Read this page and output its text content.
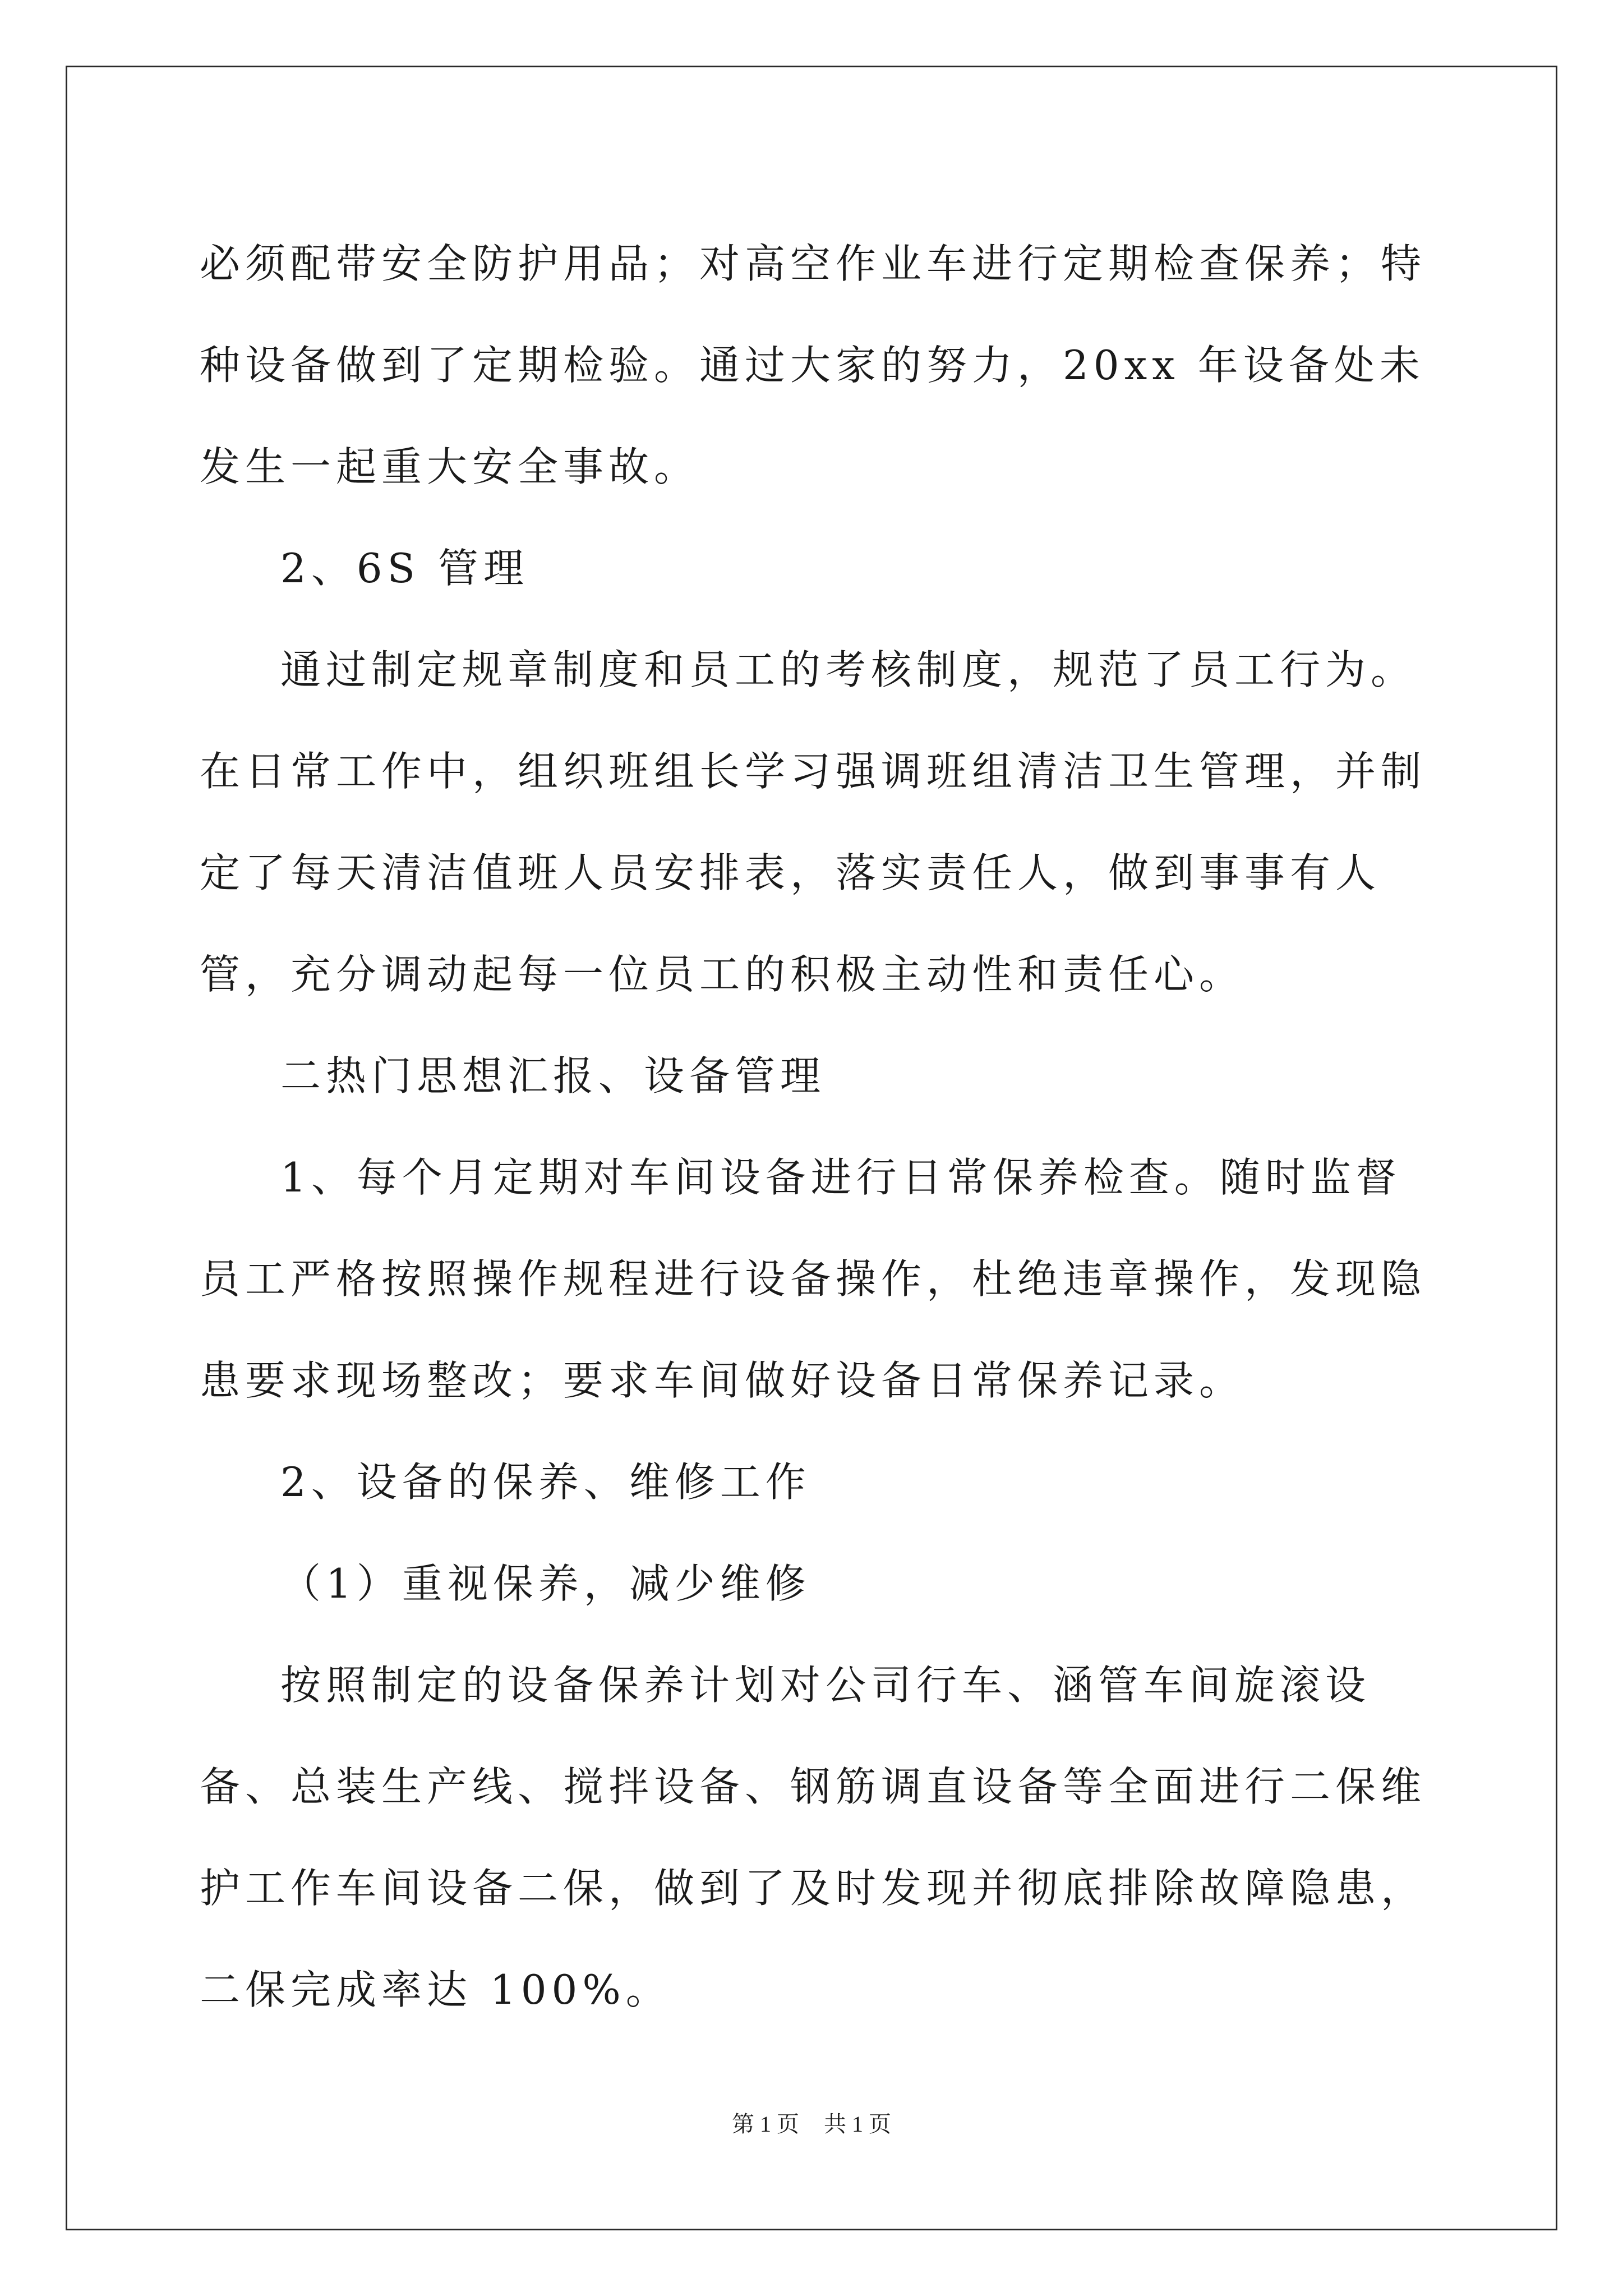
必须配带安全防护用品；对高空作业车进行定期检查保养；特种设备做到了定期检验。通过大家的努力，20xx 年设备处未发生一起重大安全事故。

2、6S 管理

通过制定规章制度和员工的考核制度，规范了员工行为。在日常工作中，组织班组长学习强调班组清洁卫生管理，并制定了每天清洁值班人员安排表，落实责任人，做到事事有人管，充分调动起每一位员工的积极主动性和责任心。

二热门思想汇报、设备管理

1、每个月定期对车间设备进行日常保养检查。随时监督员工严格按照操作规程进行设备操作，杜绝违章操作，发现隐患要求现场整改；要求车间做好设备日常保养记录。

2、设备的保养、维修工作

（1）重视保养，减少维修

按照制定的设备保养计划对公司行车、涵管车间旋滚设备、总装生产线、搅拌设备、钢筋调直设备等全面进行二保维护工作车间设备二保，做到了及时发现并彻底排除故障隐患，二保完成率达 100%。

第 1 页 共 1 页
